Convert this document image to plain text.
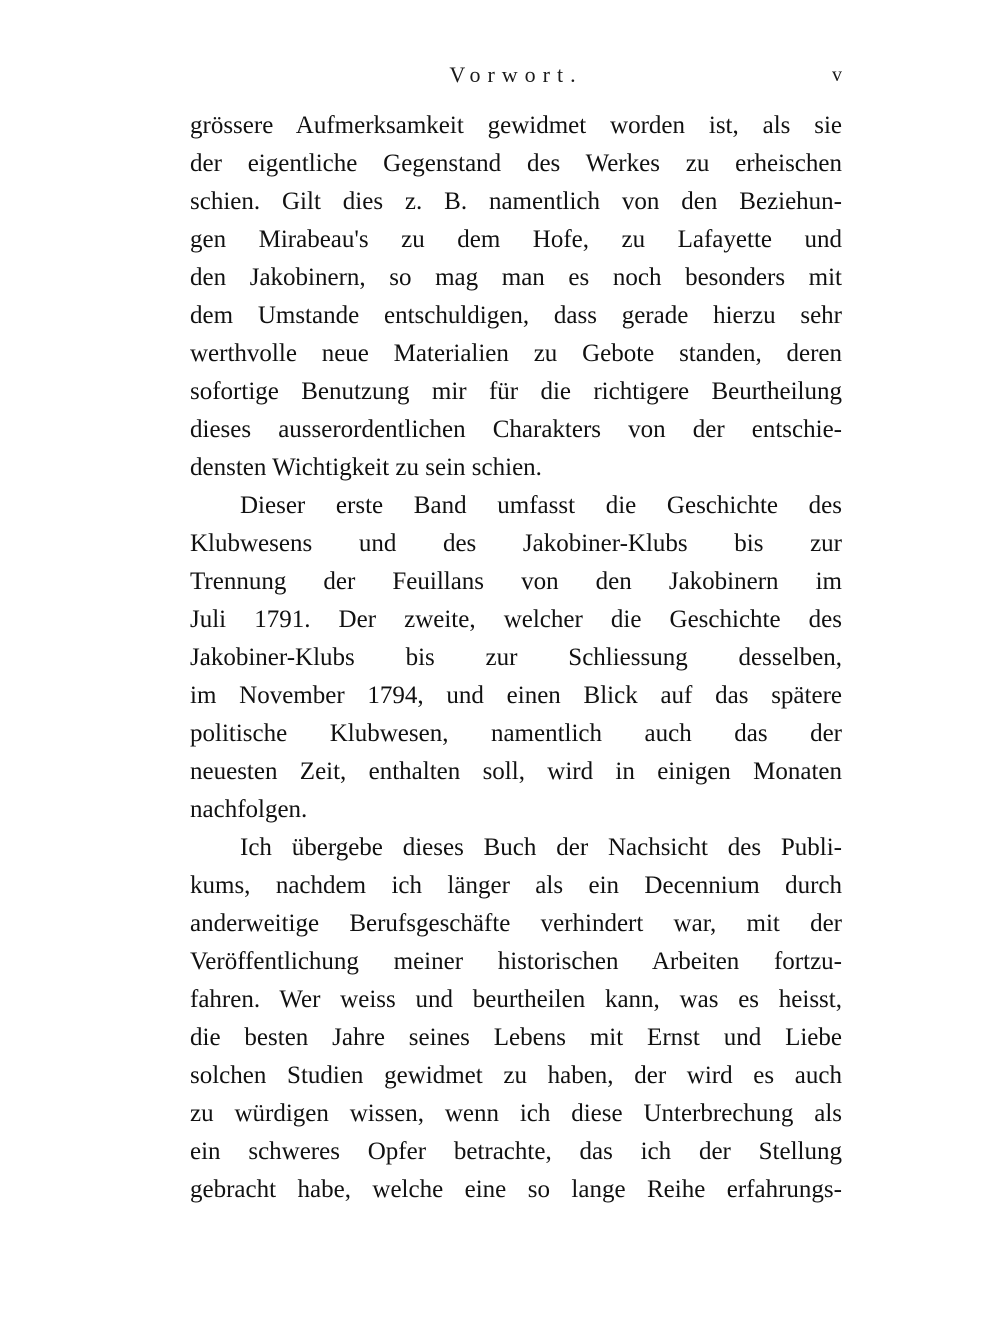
Vorwort.	v
grössere Aufmerksamkeit gewidmet worden ist, als sie
der eigentliche Gegenstand des Werkes zu erheischen
schien. Gilt dies z. B. namentlich von den Beziehun-
gen Mirabeau's zu dem Hofe, zu Lafayette und
den Jakobinern, so mag man es noch besonders mit
dem Umstande entschuldigen, dass gerade hierzu sehr
werthvolle neue Materialien zu Gebote standen, deren
sofortige Benutzung mir für die richtigere Beurtheilung
dieses ausserordentlichen Charakters von der entschie-
densten Wichtigkeit zu sein schien.
Dieser erste Band umfasst die Geschichte des
Klubwesens und des Jakobiner-Klubs bis zur
Trennung der Feuillans von den Jakobinern im
Juli 1791. Der zweite, welcher die Geschichte des
Jakobiner-Klubs bis zur Schliessung desselben,
im November 1794, und einen Blick auf das spätere
politische Klubwesen, namentlich auch das der
neuesten Zeit, enthalten soll, wird in einigen Monaten
nachfolgen.
Ich übergebe dieses Buch der Nachsicht des Publi-
kums, nachdem ich länger als ein Decennium durch
anderweitige Berufsgeschäfte verhindert war, mit der
Veröffentlichung meiner historischen Arbeiten fortzu-
fahren. Wer weiss und beurtheilen kann, was es heisst,
die besten Jahre seines Lebens mit Ernst und Liebe
solchen Studien gewidmet zu haben, der wird es auch
zu würdigen wissen, wenn ich diese Unterbrechung als
ein schweres Opfer betrachte, das ich der Stellung
gebracht habe, welche eine so lange Reihe erfahrungs-
